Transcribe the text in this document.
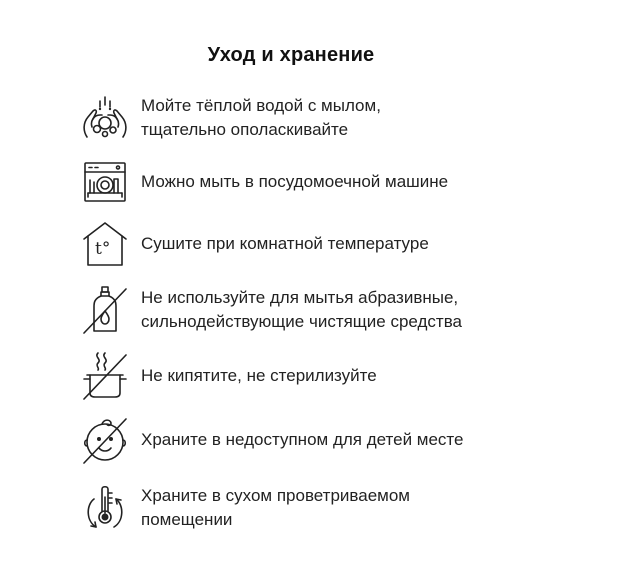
Уход и хранение
Мойте тёплой водой с мылом,
тщательно ополаскивайте
Можно мыть в посудомоечной машине
t° Сушите при комнатной температуре
Не используйте для мытья абразивные,
сильнодействующие чистящие средства
Не кипятите, не стерилизуйте
Храните в недоступном для детей месте
Храните в сухом проветриваемом
помещении
